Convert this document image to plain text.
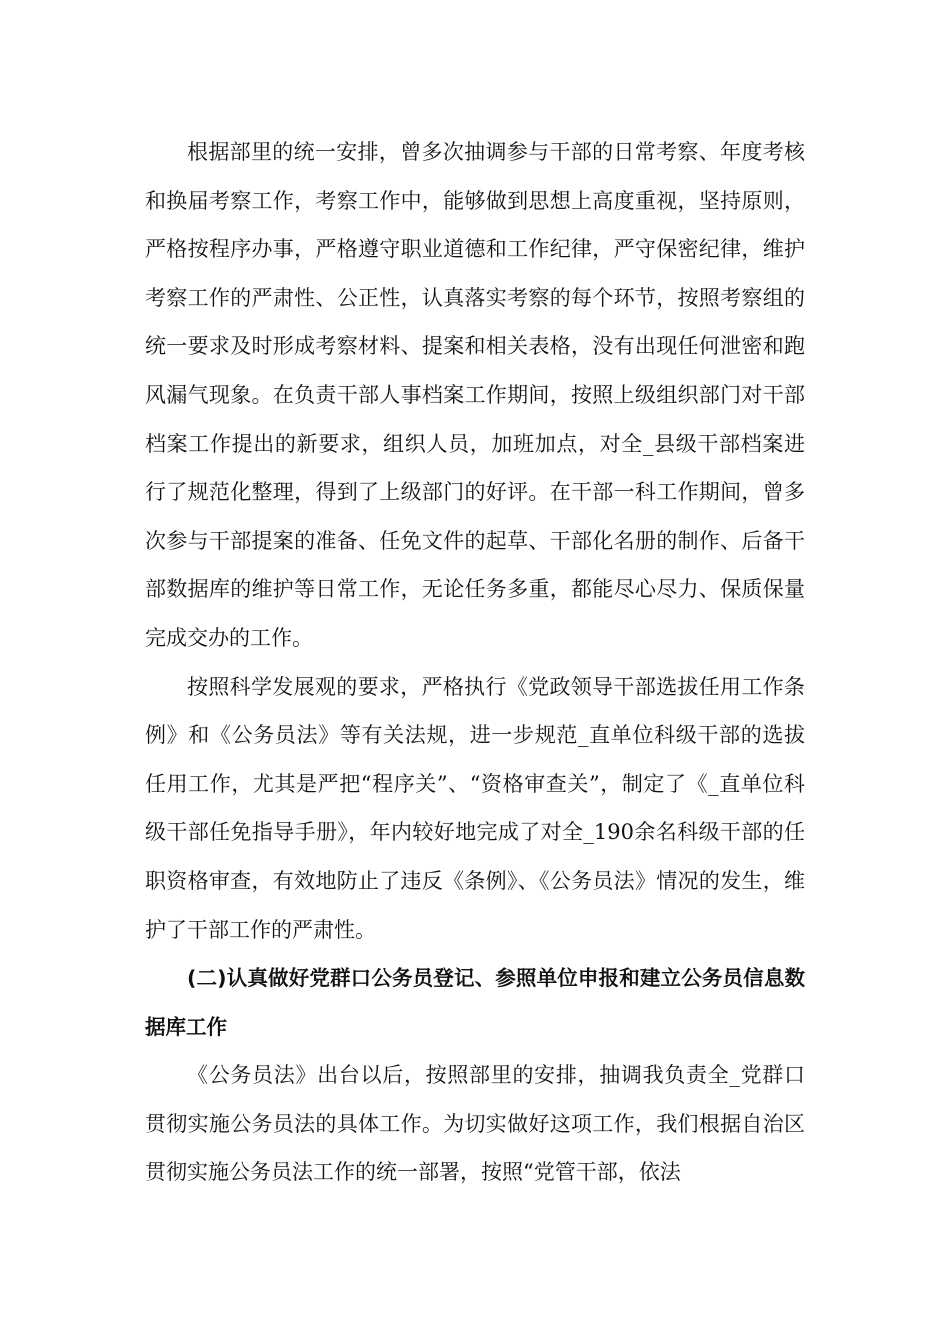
根据部里的统一安排，曾多次抽调参与干部的日常考察、年度考核和换届考察工作，考察工作中，能够做到思想上高度重视，坚持原则，严格按程序办事，严格遵守职业道德和工作纪律，严守保密纪律，维护考察工作的严肃性、公正性，认真落实考察的每个环节，按照考察组的统一要求及时形成考察材料、提案和相关表格，没有出现任何泄密和跑风漏气现象。在负责干部人事档案工作期间，按照上级组织部门对干部档案工作提出的新要求，组织人员，加班加点，对全_县级干部档案进行了规范化整理，得到了上级部门的好评。在干部一科工作期间，曾多次参与干部提案的准备、任免文件的起草、干部化名册的制作、后备干部数据库的维护等日常工作，无论任务多重，都能尽心尽力、保质保量完成交办的工作。

按照科学发展观的要求，严格执行《党政领导干部选拔任用工作条例》和《公务员法》等有关法规，进一步规范_直单位科级干部的选拔任用工作，尤其是严把“程序关”、“资格审查关”，制定了《_直单位科级干部任免指导手册》，年内较好地完成了对全_190余名科级干部的任职资格审查，有效地防止了违反《条例》、《公务员法》情况的发生，维护了干部工作的严肃性。

(二)认真做好党群口公务员登记、参照单位申报和建立公务员信息数据库工作

《公务员法》出台以后，按照部里的安排，抽调我负责全_党群口贯彻实施公务员法的具体工作。为切实做好这项工作，我们根据自治区贯彻实施公务员法工作的统一部署，按照“党管干部，依法
